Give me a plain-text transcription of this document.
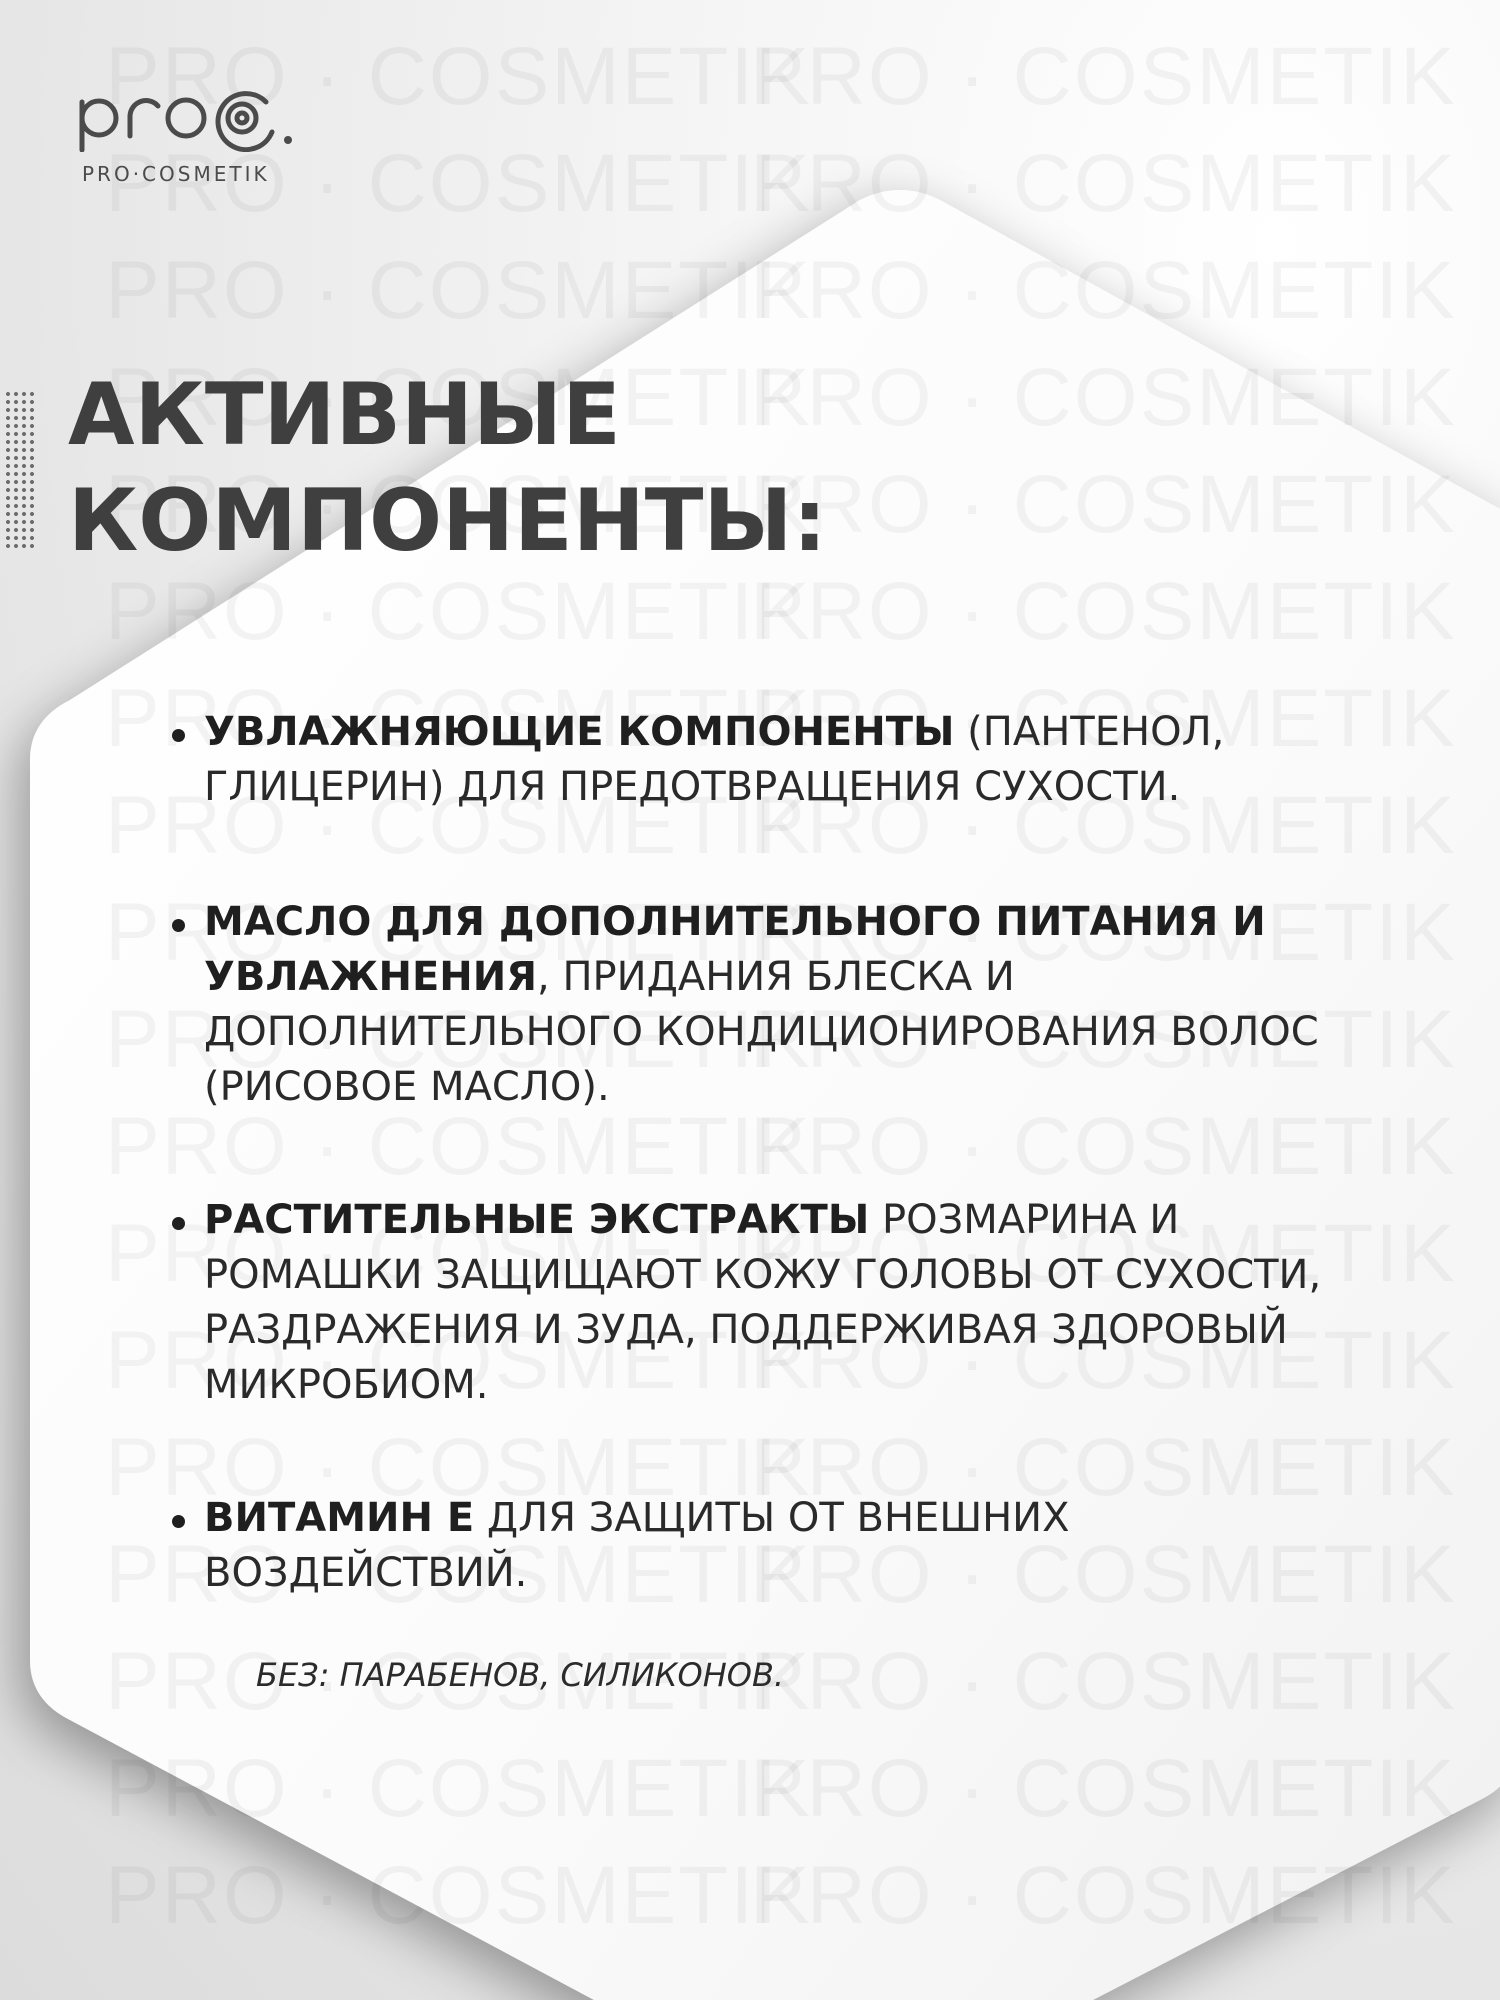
PRO·COSMETIK
АКТИВНЫЕ
КОМПОНЕНТЫ:
УВЛАЖНЯЮЩИЕ КОМПОНЕНТЫ (ПАНТЕНОЛ, ГЛИЦЕРИН) ДЛЯ ПРЕДОТВРАЩЕНИЯ СУХОСТИ.
МАСЛО ДЛЯ ДОПОЛНИТЕЛЬНОГО ПИТАНИЯ И УВЛАЖНЕНИЯ, ПРИДАНИЯ БЛЕСКА И ДОПОЛНИТЕЛЬНОГО КОНДИЦИОНИРОВАНИЯ ВОЛОС (РИСОВОЕ МАСЛО).
РАСТИТЕЛЬНЫЕ ЭКСТРАКТЫ РОЗМАРИНА И РОМАШКИ ЗАЩИЩАЮТ КОЖУ ГОЛОВЫ ОТ СУХОСТИ, РАЗДРАЖЕНИЯ И ЗУДА, ПОДДЕРЖИВАЯ ЗДОРОВЫЙ МИКРОБИОМ.
ВИТАМИН Е ДЛЯ ЗАЩИТЫ ОТ ВНЕШНИХ ВОЗДЕЙСТВИЙ.
БЕЗ: ПАРАБЕНОВ, СИЛИКОНОВ.
